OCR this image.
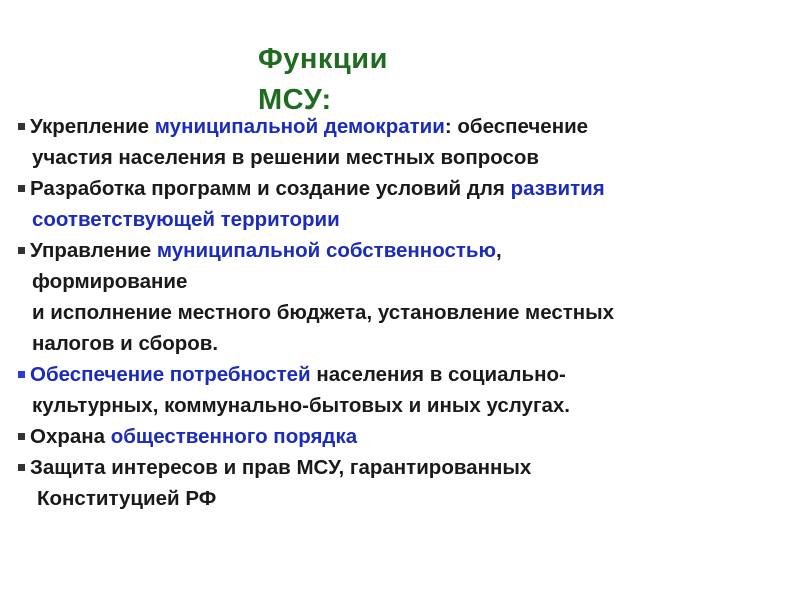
Функции
МСУ:
Укрепление муниципальной демократии: обеспечение
участия населения в решении местных вопросов
Разработка программ и создание условий для развития
соответствующей территории
Управление муниципальной собственностью,
формирование
и исполнение местного бюджета, установление местных
налогов и сборов.
Обеспечение потребностей населения в социально-
культурных, коммунально-бытовых и иных услугах.
Охрана общественного порядка
Защита интересов и прав МСУ, гарантированных
Конституцией РФ
